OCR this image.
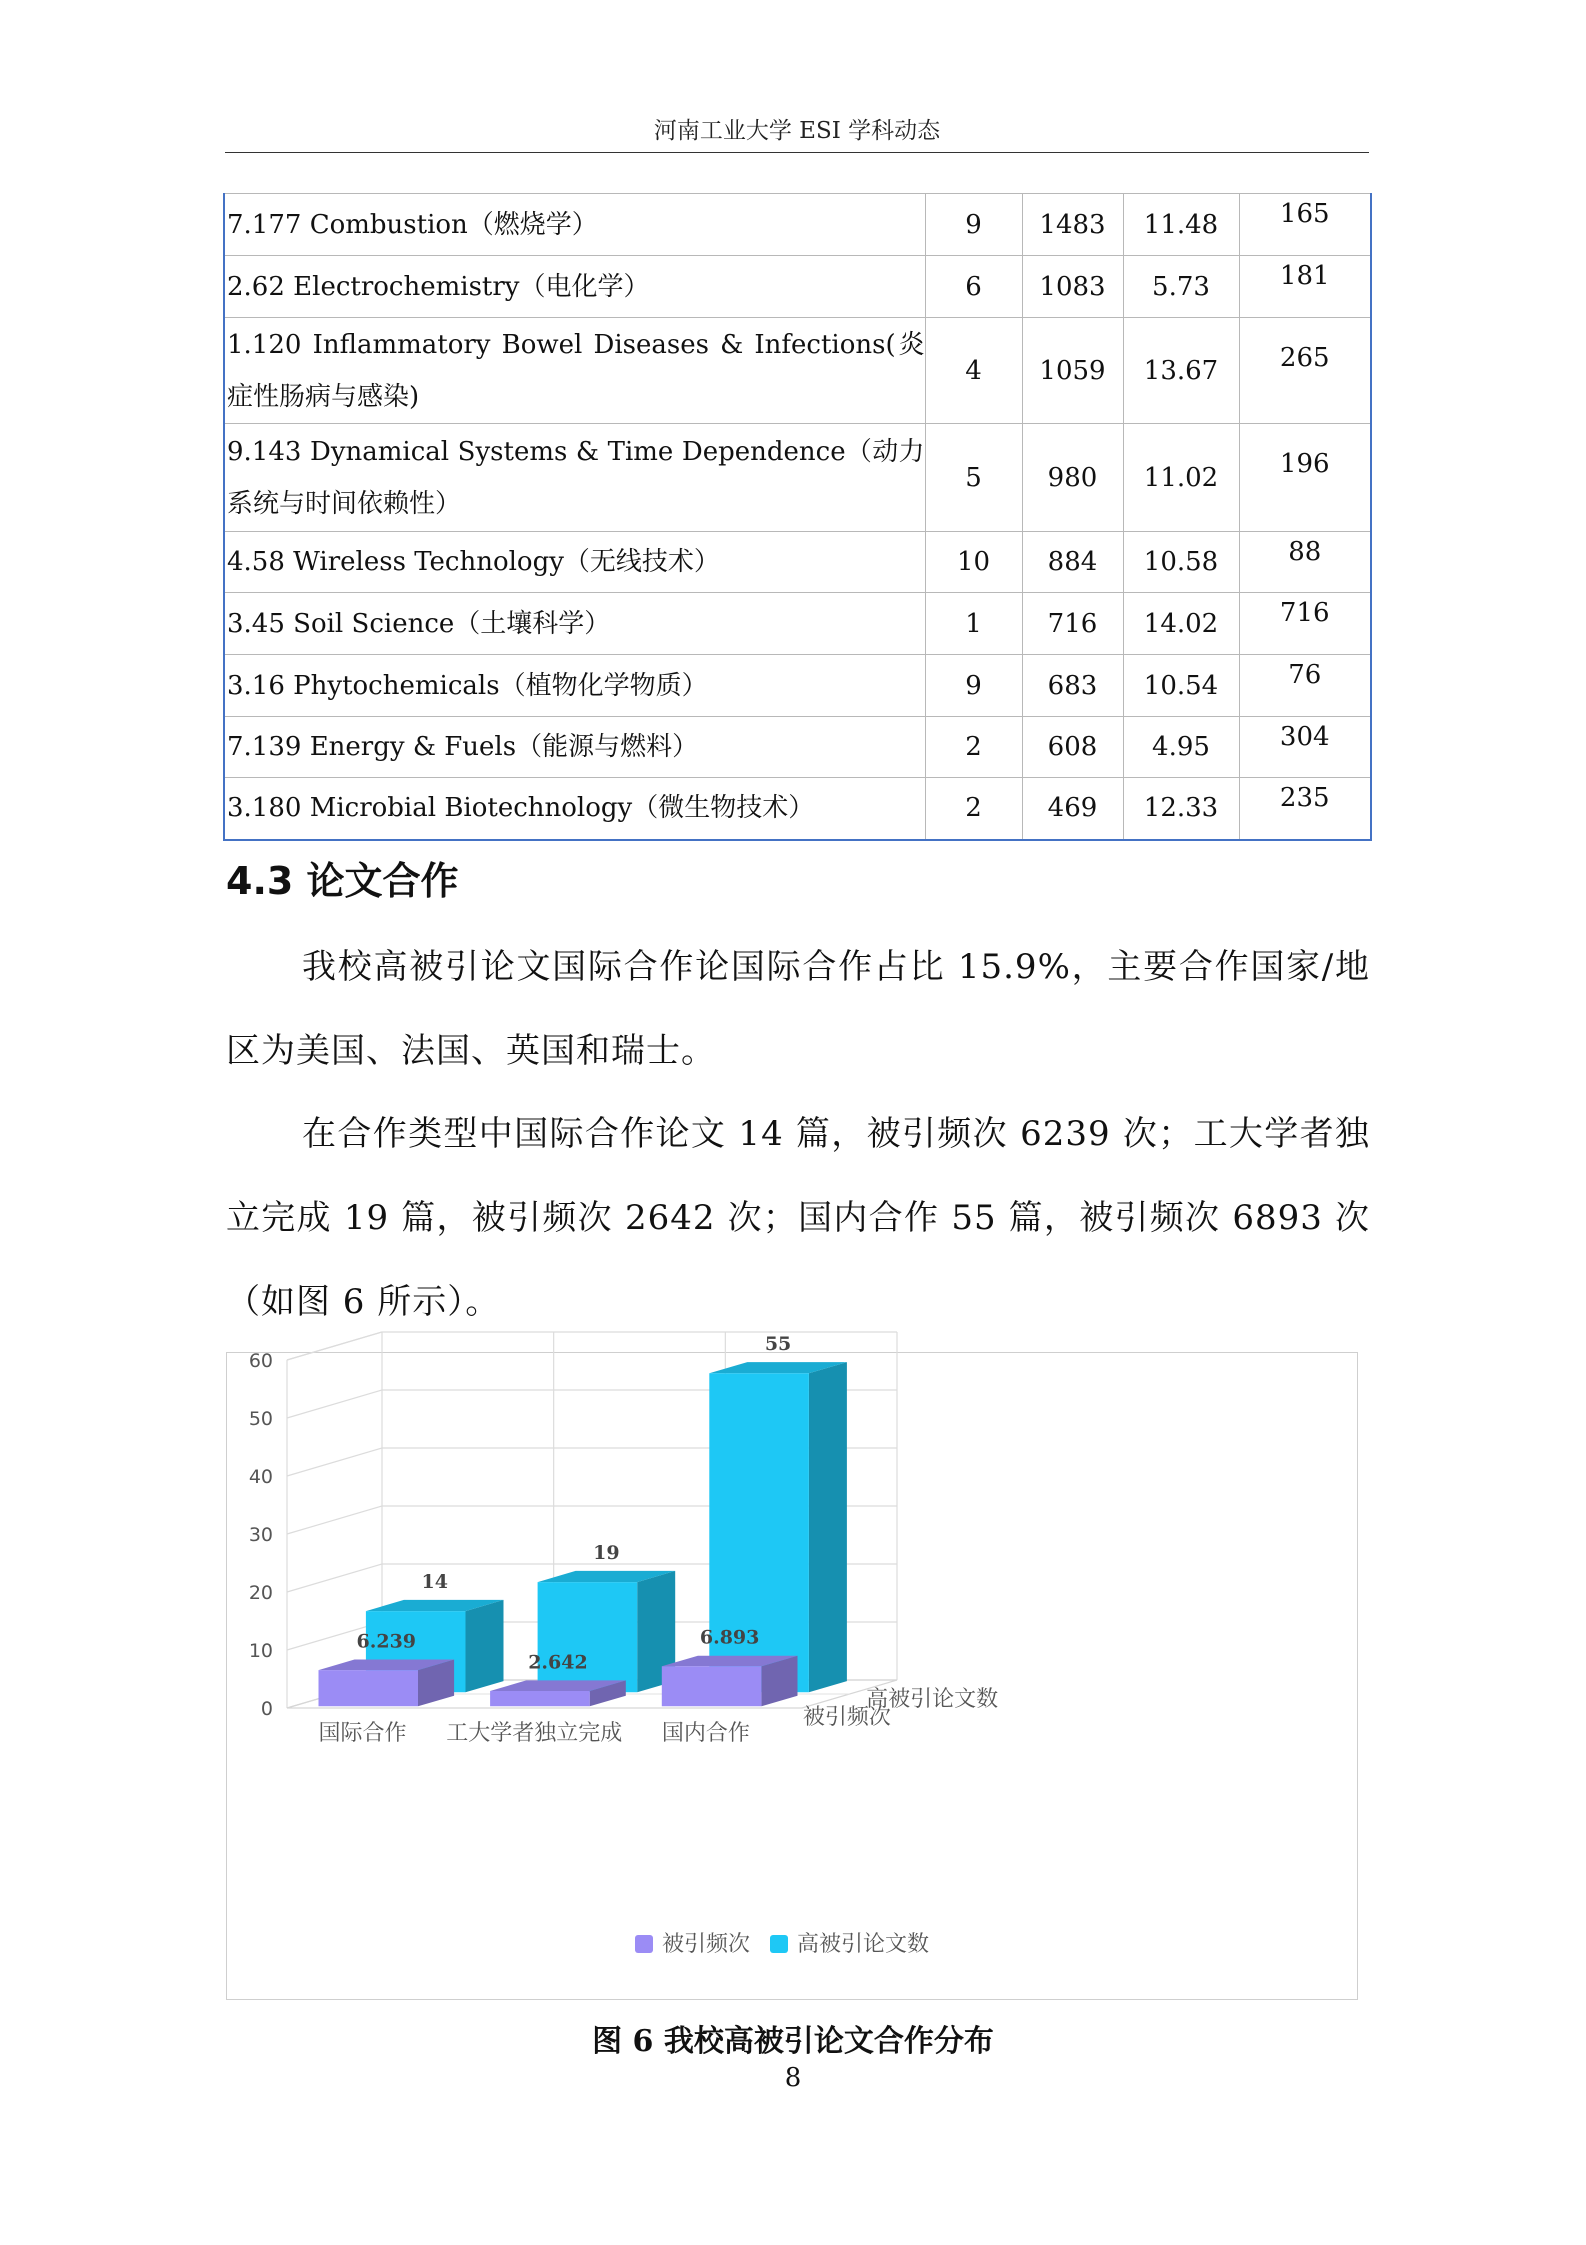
河南工业大学 ESI 学科动态
7.177 Combustion（燃烧学）	9	1483	11.48	165
2.62 Electrochemistry（电化学）	6	1083	5.73	181
1.120 Inflammatory Bowel Diseases & Infections(炎症性肠病与感染)	4	1059	13.67	265
9.143 Dynamical Systems & Time Dependence（动力系统与时间依赖性）	5	980	11.02	196
4.58 Wireless Technology（无线技术）	10	884	10.58	88
3.45 Soil Science（土壤科学）	1	716	14.02	716
3.16 Phytochemicals（植物化学物质）	9	683	10.54	76
7.139 Energy & Fuels（能源与燃料）	2	608	4.95	304
3.180 Microbial Biotechnology（微生物技术）	2	469	12.33	235
4.3 论文合作

我校高被引论文国际合作论国际合作占比 15.9%，主要合作国家/地区为美国、法国、英国和瑞士。

在合作类型中国际合作论文 14 篇，被引频次 6239 次；工大学者独立完成 19 篇，被引频次 2642 次；国内合作 55 篇，被引频次 6893 次（如图 6 所示）。

0
10
20
30
40
50
60
14
19
55
6.239
2.642
6.893
国际合作 工大学者独立完成 国内合作
高被引论文数
被引频次
被引频次 高被引论文数
图 6 我校高被引论文合作分布
8
